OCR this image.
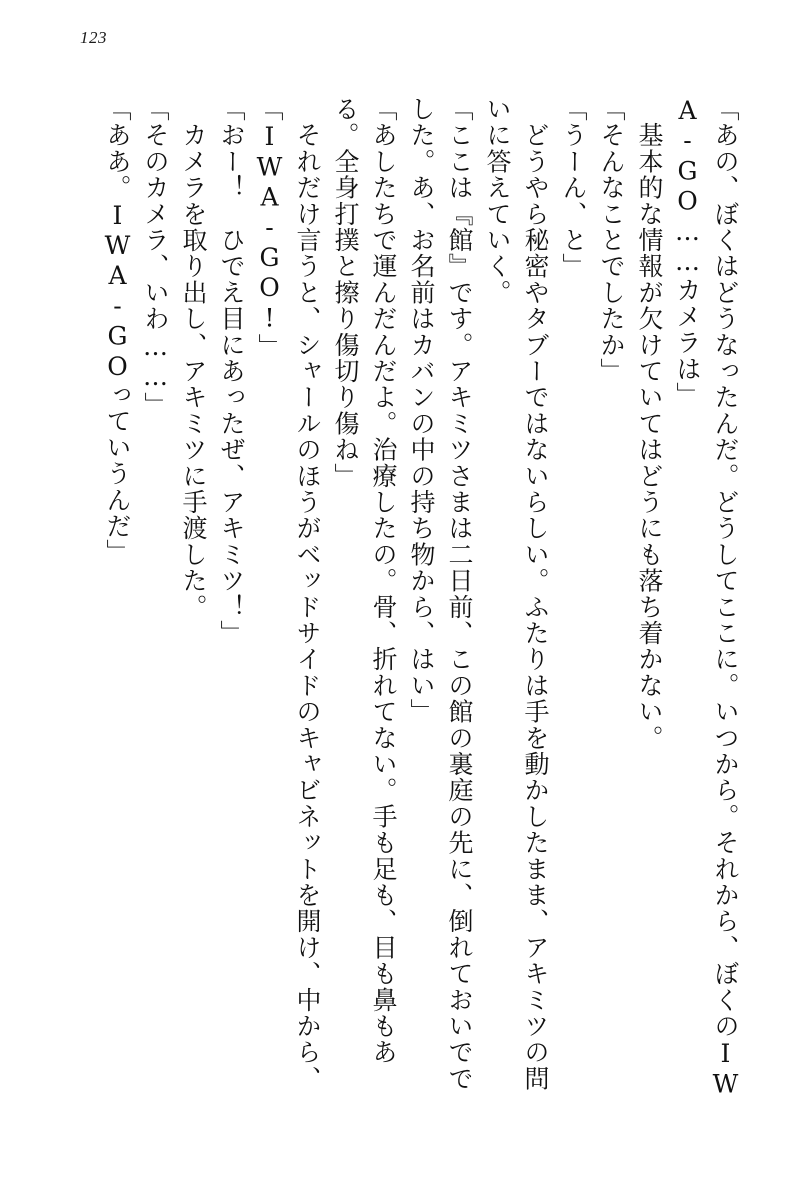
123
「あの、ぼくはどうなったんだ。どうしてここに。いつから。それから、ぼくのIW
A‐GO……カメラは」
　基本的な情報が欠けていてはどうにも落ち着かない。
「そんなことでしたか」
「うーん、と」
　どうやら秘密やタブーではないらしい。ふたりは手を動かしたまま、アキミツの問
いに答えていく。
「ここは『館』です。アキミツさまは二日前、この館の裏庭の先に、倒れておいでで
した。あ、お名前はカバンの中の持ち物から、はい」
「あしたちで運んだんだよ。治療したの。骨、折れてない。手も足も、目も鼻もあ
る。全身打撲と擦り傷切り傷ね」
　それだけ言うと、シャールのほうがベッドサイドのキャビネットを開け、中から、
「IWA‐GO!」
「おー！　ひでえ目にあったぜ、アキミツ！」
　カメラを取り出し、アキミツに手渡した。
「そのカメラ、いわ……」
「ああ。IWA‐GOっていうんだ」
